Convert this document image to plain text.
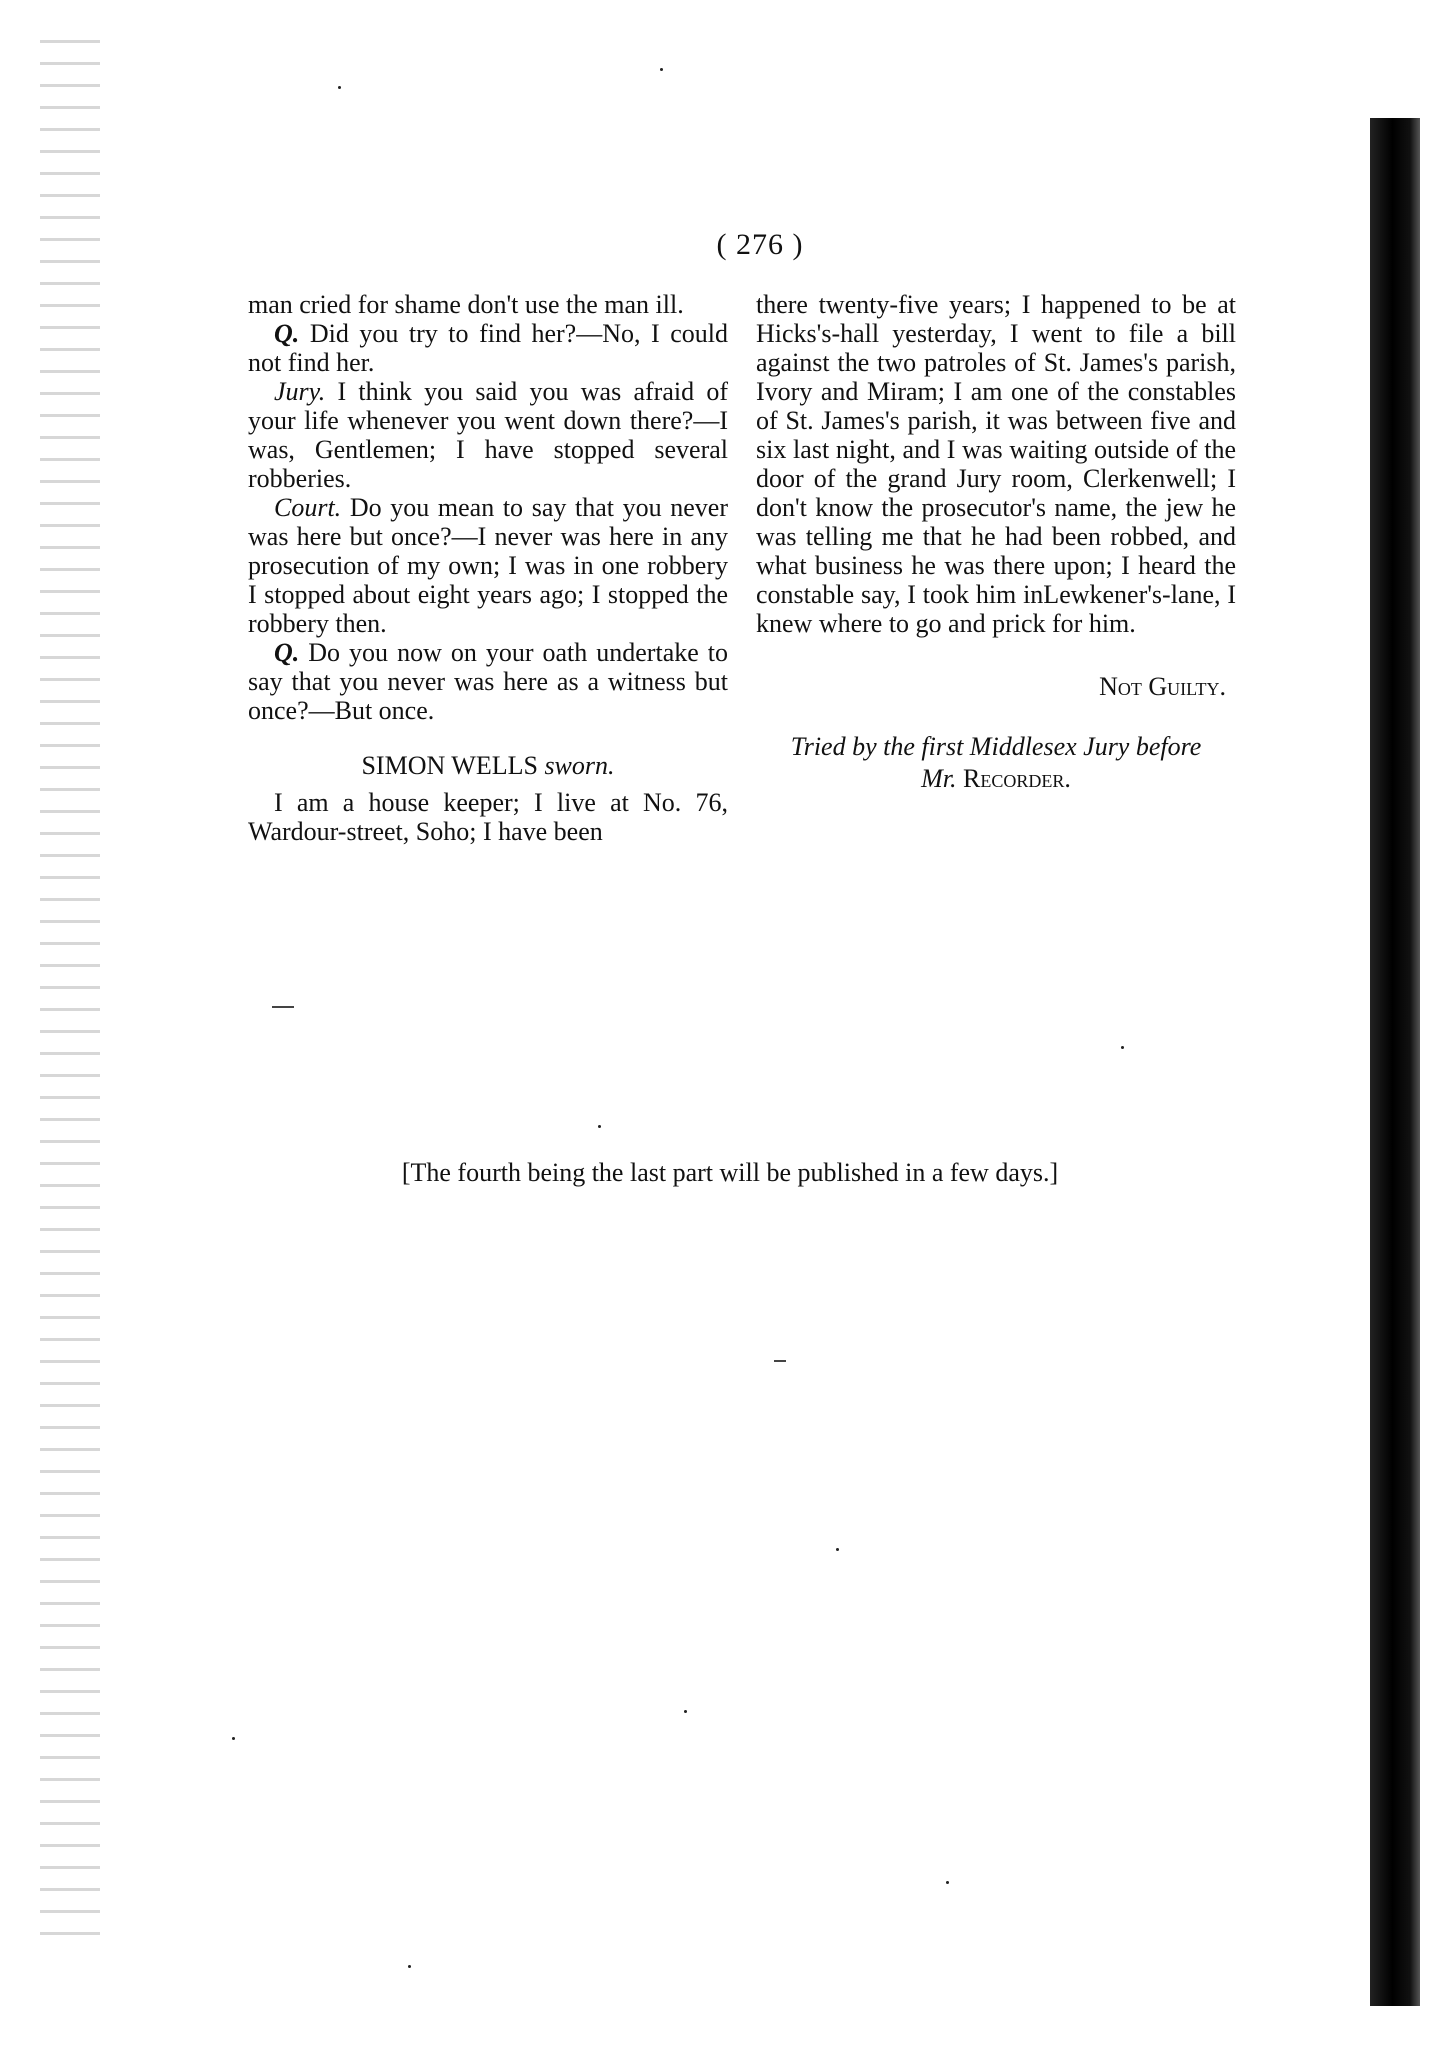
( 276 )

man cried for shame don't use the man ill.

Q. Did you try to find her?—No, I could not find her.

Jury. I think you said you was afraid of your life whenever you went down there?—I was, Gentlemen; I have stopped several robberies.

Court. Do you mean to say that you never was here but once?—I never was here in any prosecution of my own; I was in one robbery I stopped about eight years ago; I stopped the robbery then.

Q. Do you now on your oath undertake to say that you never was here as a witness but once?—But once.

SIMON WELLS sworn.

I am a house keeper; I live at No. 76, Wardour-street, Soho; I have been

there twenty-five years; I happened to be at Hicks's-hall yesterday, I went to file a bill against the two patroles of St. James's parish, Ivory and Miram; I am one of the constables of St. James's parish, it was between five and six last night, and I was waiting outside of the door of the grand Jury room, Clerkenwell; I don't know the prosecutor's name, the jew he was telling me that he had been robbed, and what business he was there upon; I heard the constable say, I took him inLewkener's-lane, I knew where to go and prick for him.

Not Guilty.

Tried by the first Middlesex Jury before
Mr. Recorder.

[The fourth being the last part will be published in a few days.]
